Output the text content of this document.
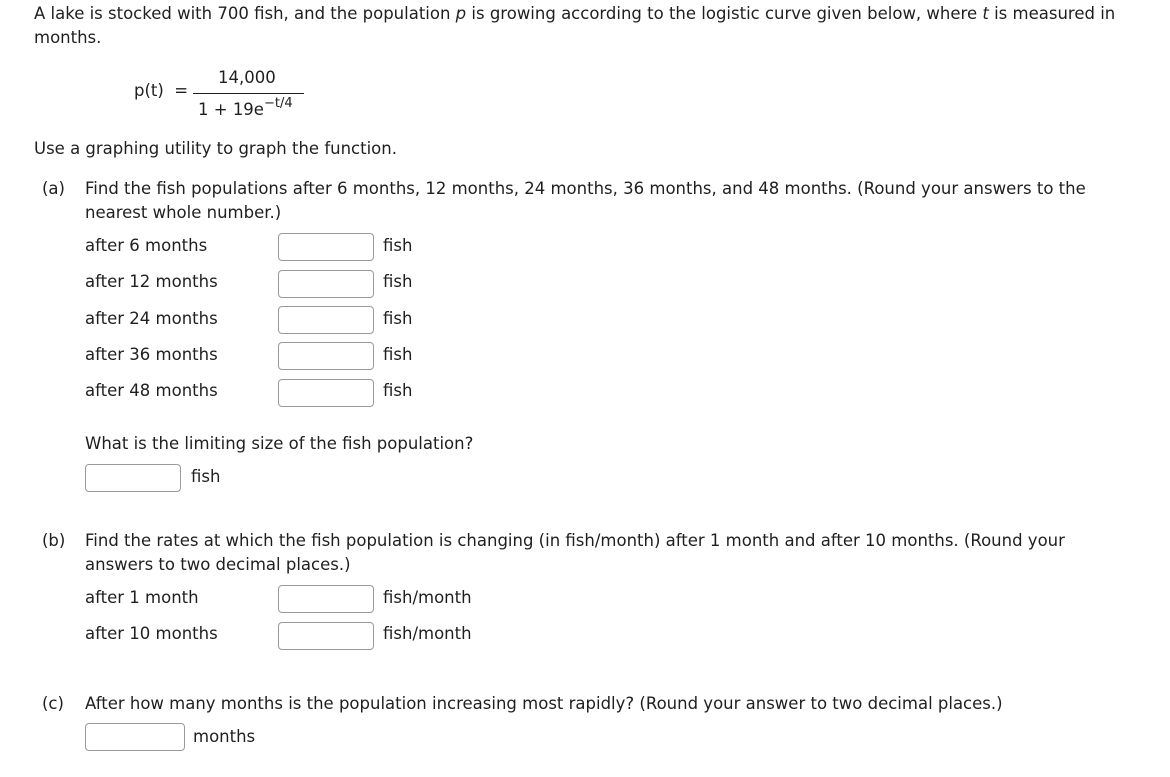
A lake is stocked with 700 fish, and the population p is growing according to the logistic curve given below, where t is measured in
months.
p(t)  =
14,000
$1 + 19e^{-t/4}$
Use a graphing utility to graph the function.
(a) Find the fish populations after 6 months, 12 months, 24 months, 36 months, and 48 months. (Round your answers to the
nearest whole number.)
after 6 months	fish
after 12 months	fish
after 24 months	fish
after 36 months	fish
after 48 months	fish
What is the limiting size of the fish population?
fish
(b) Find the rates at which the fish population is changing (in fish/month) after 1 month and after 10 months. (Round your
answers to two decimal places.)
after 1 month	fish/month
after 10 months	fish/month
(c) After how many months is the population increasing most rapidly? (Round your answer to two decimal places.)
months
